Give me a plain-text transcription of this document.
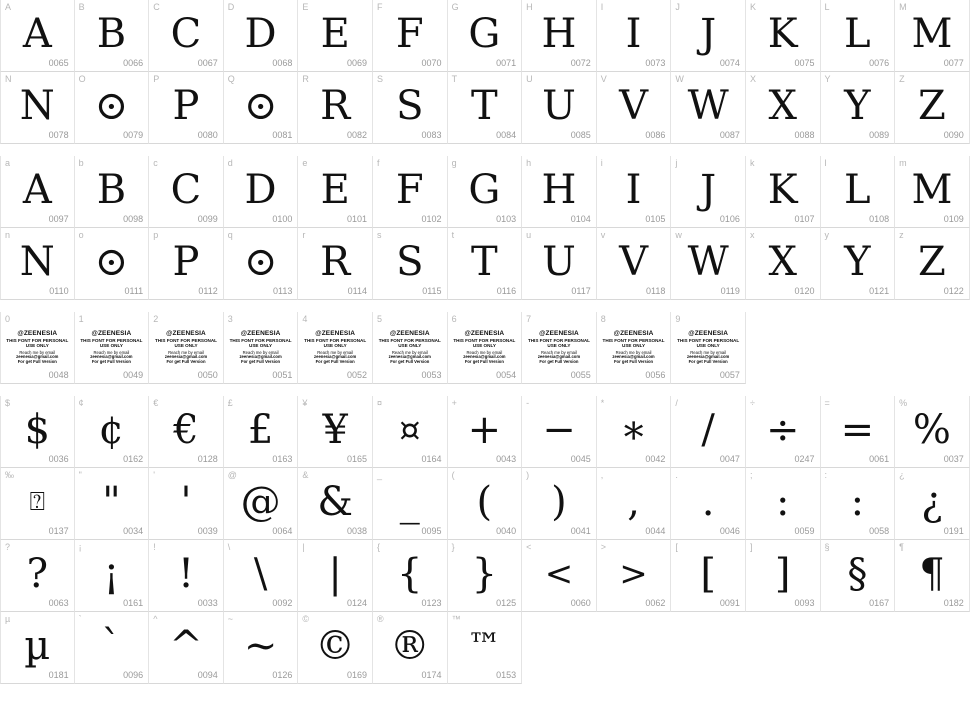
A
A
0065
B
B
0066
C
C
0067
D
D
0068
E
E
0069
F
F
0070
G
G
0071
H
H
0072
I
I
0073
J
J
0074
K
K
0075
L
L
0076
M
M
0077
N
N
0078
O
⊙
0079
P
P
0080
Q
⊙
0081
R
R
0082
S
S
0083
T
T
0084
U
U
0085
V
V
0086
W
W
0087
X
X
0088
Y
Y
0089
Z
Z
0090
a
A
0097
b
B
0098
c
C
0099
d
D
0100
e
E
0101
f
F
0102
g
G
0103
h
H
0104
i
I
0105
j
J
0106
k
K
0107
l
L
0108
m
M
0109
n
N
0110
o
⊙
0111
p
P
0112
q
⊙
0113
r
R
0114
s
S
0115
t
T
0116
u
U
0117
v
V
0118
w
W
0119
x
X
0120
y
Y
0121
z
Z
0122
0
@ZEENESIA
THIS FONT FOR PERSONAL USE ONLY
Reach me by email
zeenesia@gmail.com
For get Full Version
0048
1
@ZEENESIA
THIS FONT FOR PERSONAL USE ONLY
Reach me by email
zeenesia@gmail.com
For get Full Version
0049
2
@ZEENESIA
THIS FONT FOR PERSONAL USE ONLY
Reach me by email
zeenesia@gmail.com
For get Full Version
0050
3
@ZEENESIA
THIS FONT FOR PERSONAL USE ONLY
Reach me by email
zeenesia@gmail.com
For get Full Version
0051
4
@ZEENESIA
THIS FONT FOR PERSONAL USE ONLY
Reach me by email
zeenesia@gmail.com
For get Full Version
0052
5
@ZEENESIA
THIS FONT FOR PERSONAL USE ONLY
Reach me by email
zeenesia@gmail.com
For get Full Version
0053
6
@ZEENESIA
THIS FONT FOR PERSONAL USE ONLY
Reach me by email
zeenesia@gmail.com
For get Full Version
0054
7
@ZEENESIA
THIS FONT FOR PERSONAL USE ONLY
Reach me by email
zeenesia@gmail.com
For get Full Version
0055
8
@ZEENESIA
THIS FONT FOR PERSONAL USE ONLY
Reach me by email
zeenesia@gmail.com
For get Full Version
0056
9
@ZEENESIA
THIS FONT FOR PERSONAL USE ONLY
Reach me by email
zeenesia@gmail.com
For get Full Version
0057
$
$
0036
¢
¢
0162
€
€
0128
£
£
0163
¥
¥
0165
¤
¤
0164
+
+
0043
-
−
0045
*
∗
0042
/
/
0047
÷
÷
0247
=
=
0061
%
%
0037
‰
⍰
0137
"
"
0034
'
'
0039
@
@
0064
&
&
0038
_
_
0095
(
(
0040
)
)
0041
,
,
0044
.
.
0046
;
:
0059
:
:
0058
¿
¿
0191
?
?
0063
¡
¡
0161
!
!
0033
\
\
0092
|
|
0124
{
{
0123
}
}
0125
<
<
0060
>
>
0062
[
[
0091
]
]
0093
§
§
0167
¶
¶
0182
µ
µ
0181
`
`
0096
^
^
0094
~
~
0126
©
©
0169
®
®
0174
™
™
0153
